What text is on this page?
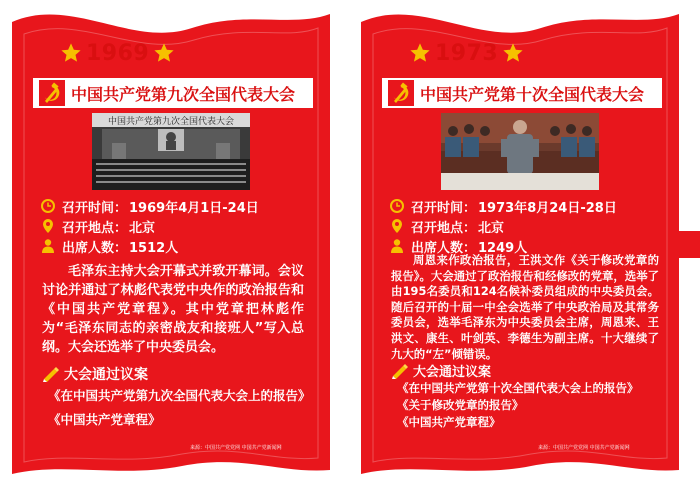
1969
中国共产党第九次全国代表大会
中国共产党第九次全国代表大会
召开时间： 1969年4月1日-24日
召开地点： 北京
出席人数： 1512人
毛泽东主持大会开幕式并致开幕词。会议讨论并通过了林彪代表党中央作的政治报告和《中国共产党章程》。其中党章把林彪作为“毛泽东同志的亲密战友和接班人”写入总纲。大会还选举了中央委员会。
大会通过议案
《在中国共产党第九次全国代表大会上的报告》
《中国共产党章程》
来源：中国共产党党网 中国共产党新闻网
1973
中国共产党第十次全国代表大会
召开时间： 1973年8月24日-28日
召开地点： 北京
出席人数： 1249人
周恩来作政治报告，王洪文作《关于修改党章的报告》。大会通过了政治报告和经修改的党章，选举了由195名委员和124名候补委员组成的中央委员会。随后召开的十届一中全会选举了中央政治局及其常务委员会，选举毛泽东为中央委员会主席，周恩来、王洪文、康生、叶剑英、李德生为副主席。十大继续了九大的“左”倾错误。
大会通过议案
《在中国共产党第十次全国代表大会上的报告》
《关于修改党章的报告》
《中国共产党章程》
来源：中国共产党党网 中国共产党新闻网
